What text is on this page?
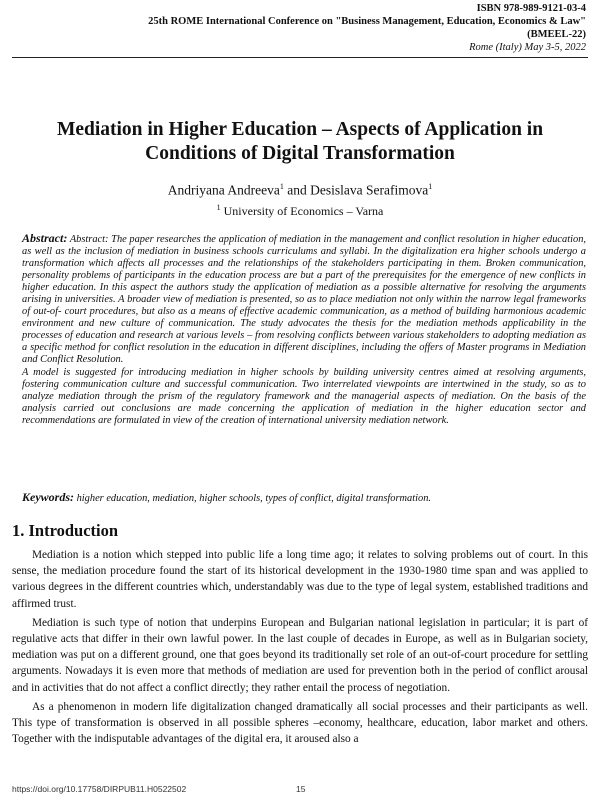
ISBN 978-989-9121-03-4
25th ROME International Conference on "Business Management, Education, Economics & Law"
(BMEEL-22)
Rome (Italy) May 3-5, 2022
Mediation in Higher Education – Aspects of Application in
Conditions of Digital Transformation
Andriyana Andreeva$^1$ and Desislava Serafimova$^1$
$^1$ University of Economics – Varna

Abstract: Abstract: The paper researches the application of mediation in the management and conflict resolution in higher education, as well as the inclusion of mediation in business schools curriculums and syllabi. In the digitalization era higher schools undergo a transformation which affects all processes and the relationships of the stakeholders participating in them. Broken communication, personality problems of participants in the education process are but a part of the prerequisites for the emergence of new conflicts in higher education. In this aspect the authors study the application of mediation as a possible alternative for resolving the arguments arising in universities. A broader view of mediation is presented, so as to place mediation not only within the narrow legal frameworks of out-of- court procedures, but also as a means of effective academic communication, as a method of building harmonious academic environment and new culture of communication. The study advocates the thesis for the mediation methods applicability in the processes of education and research at various levels – from resolving conflicts between various stakeholders to adopting mediation as a specific method for conflict resolution in the education in different disciplines, including the offers of Master programs in Mediation and Conflict Resolution.

A model is suggested for introducing mediation in higher schools by building university centres aimed at resolving arguments, fostering communication culture and successful communication. Two interrelated viewpoints are intertwined in the study, so as to analyze mediation through the prism of the regulatory framework and the managerial aspects of mediation. On the basis of the analysis carried out conclusions are made concerning the application of mediation in the higher education sector and recommendations are formulated in view of the creation of international university mediation network.

Keywords: higher education, mediation, higher schools, types of conflict, digital transformation.
1. Introduction

Mediation is a notion which stepped into public life a long time ago; it relates to solving problems out of court. In this sense, the mediation procedure found the start of its historical development in the 1930-1980 time span and was applied to various degrees in the different countries which, understandably was due to the type of legal system, established traditions and affirmed trust.

Mediation is such type of notion that underpins European and Bulgarian national legislation in particular; it is part of regulative acts that differ in their own lawful power. In the last couple of decades in Europe, as well as in Bulgarian society, mediation was put on a different ground, one that goes beyond its traditionally set role of an out-of-court procedure for settling arguments. Nowadays it is even more that methods of mediation are used for prevention both in the period of conflict arousal and in activities that do not affect a conflict directly; they rather entail the process of negotiation.

As a phenomenon in modern life digitalization changed dramatically all social processes and their participants as well. This type of transformation is observed in all possible spheres –economy, healthcare, education, labor market and others. Together with the indisputable advantages of the digital era, it aroused also a

https://doi.org/10.17758/DIRPUB11.H0522502	15
